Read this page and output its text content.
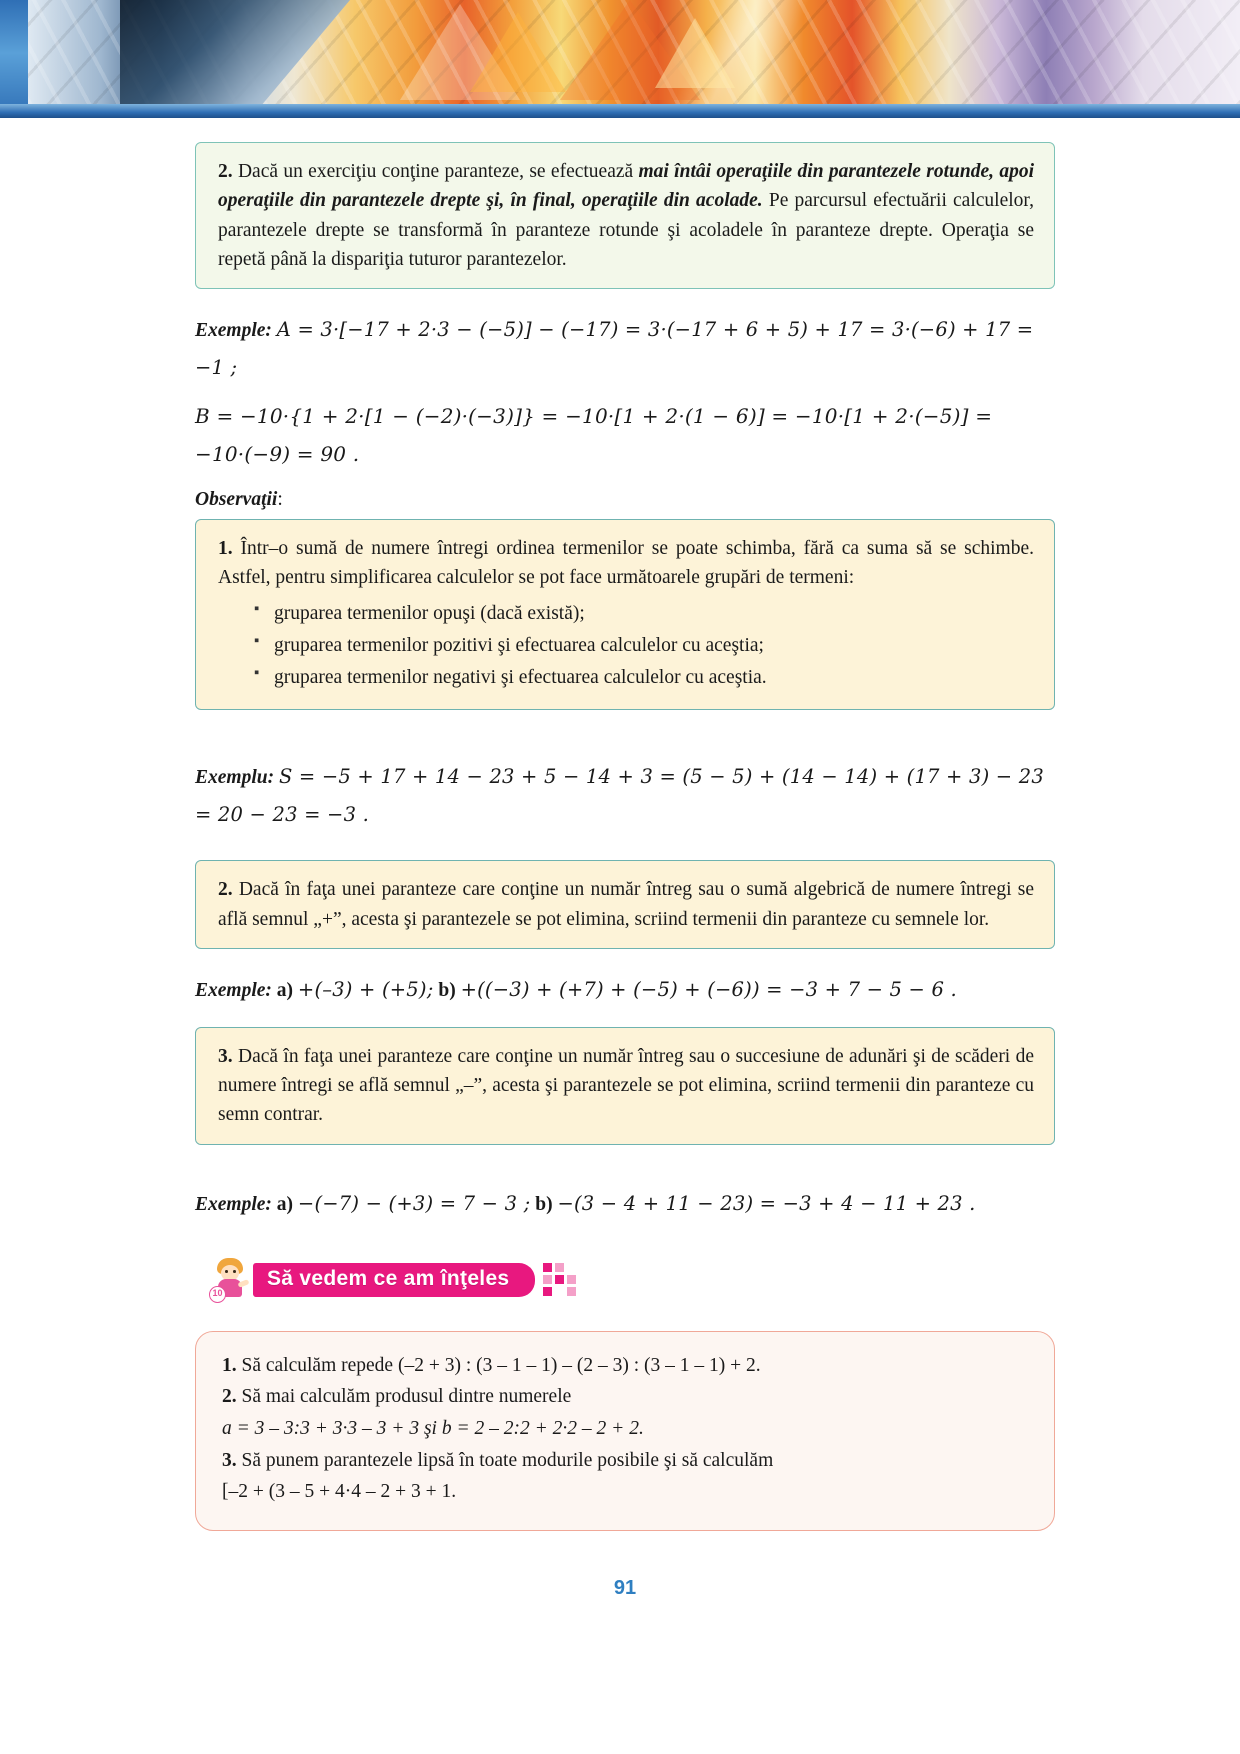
2. Dacă un exerciţiu conţine paranteze, se efectuează mai întâi operaţiile din parantezele rotunde, apoi operaţiile din parantezele drepte şi, în final, operaţiile din acolade. Pe parcursul efectuării calculelor, parantezele drepte se transformă în paranteze rotunde şi acoladele în paranteze drepte. Operaţia se repetă până la dispariţia tuturor parantezelor.
Exemple: A = 3·[−17 + 2·3 − (−5)] − (−17) = 3·(−17 + 6 + 5) + 17 = 3·(−6) + 17 = −1 ;
B = −10·{1 + 2·[1 − (−2)·(−3)]} = −10·[1 + 2·(1 − 6)] = −10·[1 + 2·(−5)] = −10·(−9) = 90 .
Observaţii:
1. Într–o sumă de numere întregi ordinea termenilor se poate schimba, fără ca suma să se schimbe. Astfel, pentru simplificarea calculelor se pot face următoarele grupări de termeni:
▪ gruparea termenilor opuşi (dacă există);
▪ gruparea termenilor pozitivi şi efectuarea calculelor cu aceştia;
▪ gruparea termenilor negativi şi efectuarea calculelor cu aceştia.
Exemplu: S = −5 + 17 + 14 − 23 + 5 − 14 + 3 = (5 − 5) + (14 − 14) + (17 + 3) − 23 = 20 − 23 = −3 .
2. Dacă în faţa unei paranteze care conţine un număr întreg sau o sumă algebrică de numere întregi se află semnul „+”, acesta şi parantezele se pot elimina, scriind termenii din paranteze cu semnele lor.
Exemple: a) +(–3) + (+5); b) +((−3) + (+7) + (−5) + (−6)) = −3 + 7 − 5 − 6 .
3. Dacă în faţa unei paranteze care conţine un număr întreg sau o succesiune de adunări şi de scăderi de numere întregi se află semnul „–”, acesta şi parantezele se pot elimina, scriind termenii din paranteze cu semn contrar.
Exemple: a) −(−7) − (+3) = 7 − 3 ; b) −(3 − 4 + 11 − 23) = −3 + 4 − 11 + 23 .
10
Să vedem ce am înţeles

1. Să calculăm repede (–2 + 3) : (3 – 1 – 1) – (2 – 3) : (3 – 1 – 1) + 2.

2. Să mai calculăm produsul dintre numerele

a = 3 – 3:3 + 3·3 – 3 + 3 şi b = 2 – 2:2 + 2·2 – 2 + 2.

3. Să punem parantezele lipsă în toate modurile posibile şi să calculăm

[–2 + (3 – 5 + 4·4 – 2 + 3 + 1.

91
